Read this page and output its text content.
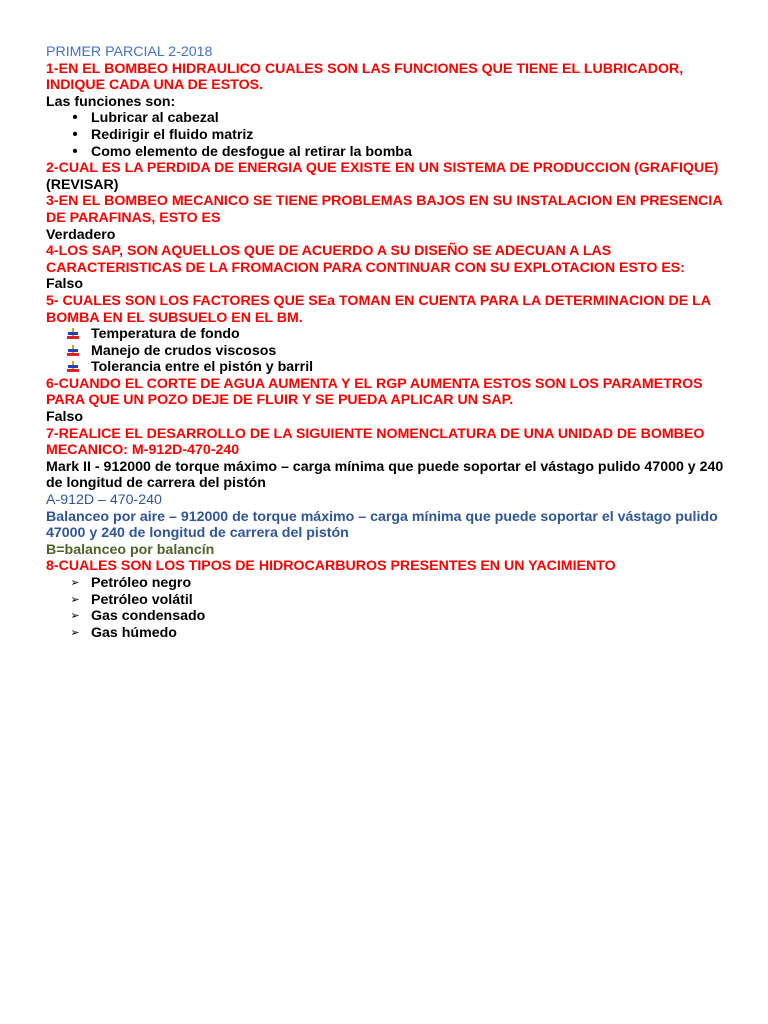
PRIMER PARCIAL 2-2018

1-EN EL BOMBEO HIDRAULICO CUALES SON LAS FUNCIONES QUE TIENE EL LUBRICADOR, INDIQUE CADA UNA DE ESTOS.

Las funciones son:

•
Lubricar al cabezal
•
Redirigir el fluido matriz
•
Como elemento de desfogue al retirar la bomba

2-CUAL ES LA PERDIDA DE ENERGIA QUE EXISTE EN UN SISTEMA DE PRODUCCION (GRAFIQUE)

(REVISAR)

3-EN EL BOMBEO MECANICO SE TIENE PROBLEMAS BAJOS EN SU INSTALACION EN PRESENCIA DE PARAFINAS, ESTO ES

Verdadero

4-LOS SAP, SON AQUELLOS QUE DE ACUERDO A SU DISEÑO SE ADECUAN A LAS CARACTERISTICAS DE LA FROMACION PARA CONTINUAR CON SU EXPLOTACION ESTO ES:

Falso

5- CUALES SON LOS FACTORES QUE SEa TOMAN EN CUENTA PARA LA DETERMINACION DE LA BOMBA EN EL SUBSUELO EN EL BM.

Temperatura de fondo
Manejo de crudos viscosos
Tolerancia entre el pistón y barril

6-CUANDO EL CORTE DE AGUA AUMENTA Y EL RGP AUMENTA ESTOS SON LOS PARAMETROS PARA QUE UN POZO DEJE DE FLUIR Y SE PUEDA APLICAR UN SAP.

Falso

7-REALICE EL DESARROLLO DE LA SIGUIENTE NOMENCLATURA DE UNA UNIDAD DE BOMBEO MECANICO: M-912D-470-240

Mark II - 912000 de torque máximo – carga mínima que puede soportar el vástago pulido 47000 y 240 de longitud de carrera del pistón

A-912D – 470-240

Balanceo por aire – 912000 de torque máximo – carga mínima que puede soportar el vástago pulido 47000 y 240 de longitud de carrera del pistón

B=balanceo por balancín

8-CUALES SON LOS TIPOS DE HIDROCARBUROS PRESENTES EN UN YACIMIENTO

➢ Petróleo negro
➢ Petróleo volátil
➢ Gas condensado
➢ Gas húmedo
